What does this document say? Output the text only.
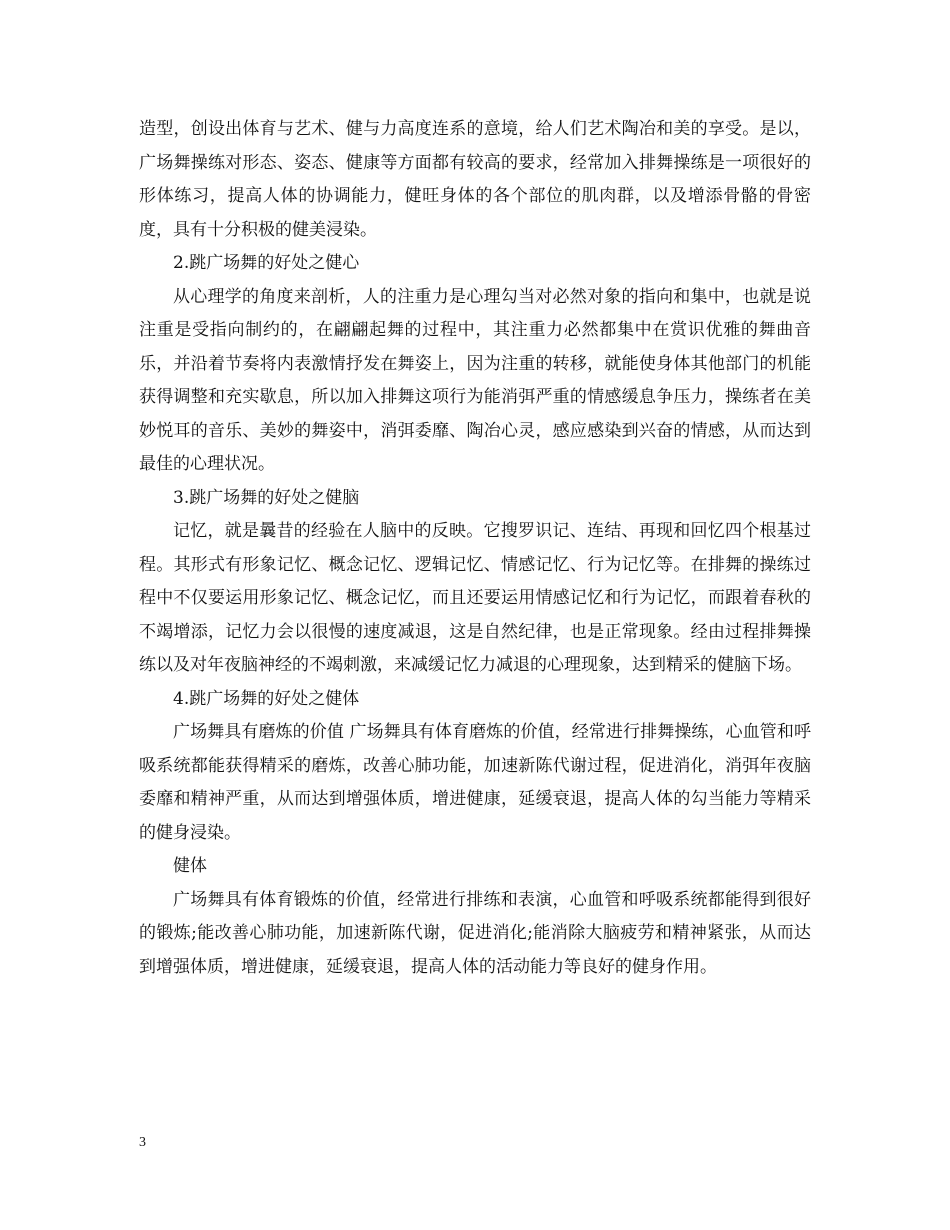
造型，创设出体育与艺术、健与力高度连系的意境，给人们艺术陶冶和美的享受。是以，广场舞操练对形态、姿态、健康等方面都有较高的要求，经常加入排舞操练是一项很好的形体练习，提高人体的协调能力，健旺身体的各个部位的肌肉群，以及增添骨骼的骨密度，具有十分积极的健美浸染。

2.跳广场舞的好处之健心

从心理学的角度来剖析，人的注重力是心理勾当对必然对象的指向和集中，也就是说注重是受指向制约的，在翩翩起舞的过程中，其注重力必然都集中在赏识优雅的舞曲音乐，并沿着节奏将内表激情抒发在舞姿上，因为注重的转移，就能使身体其他部门的机能获得调整和充实歇息，所以加入排舞这项行为能消弭严重的情感缓息争压力，操练者在美妙悦耳的音乐、美妙的舞姿中，消弭委靡、陶冶心灵，感应感染到兴奋的情感，从而达到最佳的心理状况。

3.跳广场舞的好处之健脑

记忆，就是曩昔的经验在人脑中的反映。它搜罗识记、连结、再现和回忆四个根基过程。其形式有形象记忆、概念记忆、逻辑记忆、情感记忆、行为记忆等。在排舞的操练过程中不仅要运用形象记忆、概念记忆，而且还要运用情感记忆和行为记忆，而跟着春秋的不竭增添，记忆力会以很慢的速度减退，这是自然纪律，也是正常现象。经由过程排舞操练以及对年夜脑神经的不竭刺激，来减缓记忆力减退的心理现象，达到精采的健脑下场。

4.跳广场舞的好处之健体

广场舞具有磨炼的价值 广场舞具有体育磨炼的价值，经常进行排舞操练，心血管和呼吸系统都能获得精采的磨炼，改善心肺功能，加速新陈代谢过程，促进消化，消弭年夜脑委靡和精神严重，从而达到增强体质，增进健康，延缓衰退，提高人体的勾当能力等精采的健身浸染。

健体

广场舞具有体育锻炼的价值，经常进行排练和表演，心血管和呼吸系统都能得到很好的锻炼;能改善心肺功能，加速新陈代谢，促进消化;能消除大脑疲劳和精神紧张，从而达到增强体质，增进健康，延缓衰退，提高人体的活动能力等良好的健身作用。

3
